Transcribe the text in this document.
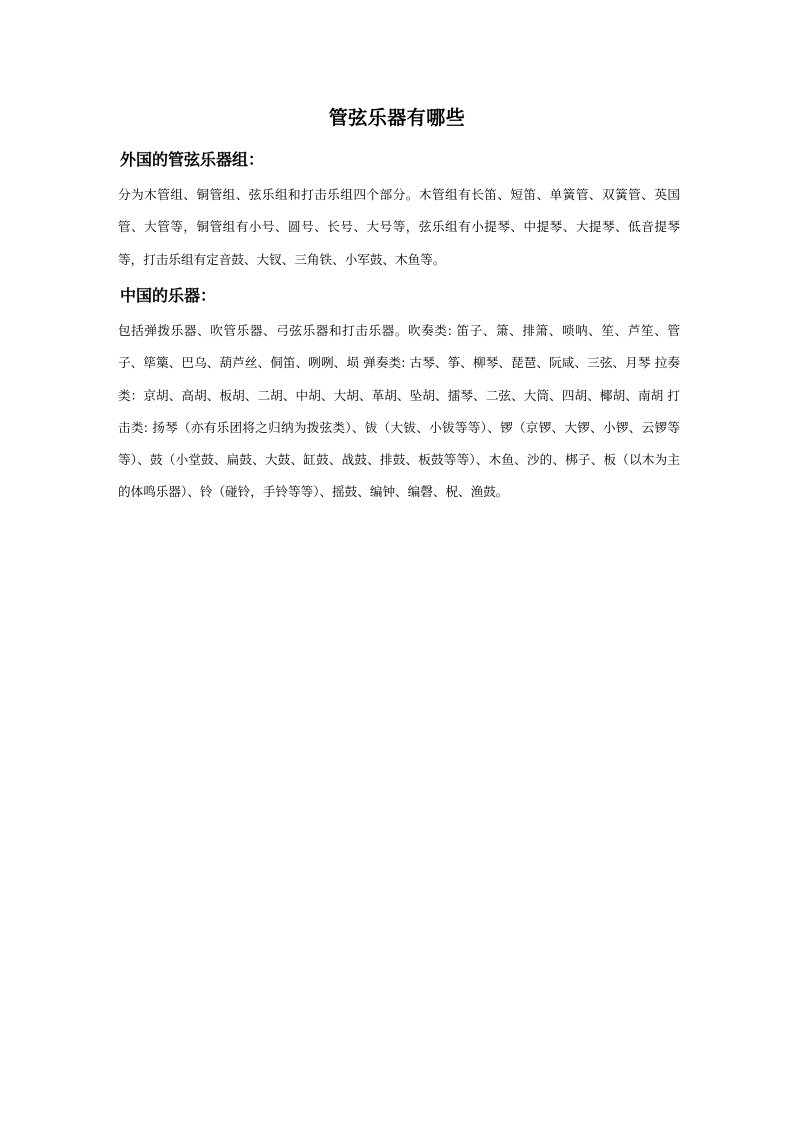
管弦乐器有哪些
外国的管弦乐器组：
分为木管组、铜管组、弦乐组和打击乐组四个部分。木管组有长笛、短笛、单簧管、双簧管、英国管、大管等，铜管组有小号、圆号、长号、大号等，弦乐组有小提琴、中提琴、大提琴、低音提琴等，打击乐组有定音鼓、大钗、三角铁、小军鼓、木鱼等。
中国的乐器：
包括弹拨乐器、吹管乐器、弓弦乐器和打击乐器。吹奏类: 笛子、箫、排箫、唢呐、笙、芦笙、管子、筚篥、巴乌、葫芦丝、侗笛、咧咧、埙 弹奏类: 古琴、筝、柳琴、琵琶、阮咸、三弦、月琴 拉奏类：京胡、高胡、板胡、二胡、中胡、大胡、革胡、坠胡、擂琴、二弦、大筒、四胡、椰胡、南胡 打击类: 扬琴（亦有乐团将之归纳为拨弦类）、钹（大钹、小钹等等）、锣（京锣、大锣、小锣、云锣等等）、鼓（小堂鼓、扁鼓、大鼓、缸鼓、战鼓、排鼓、板鼓等等）、木鱼、沙的、梆子、板（以木为主的体鸣乐器）、铃（碰铃，手铃等等）、摇鼓、编钟、编磬、柷、渔鼓。
